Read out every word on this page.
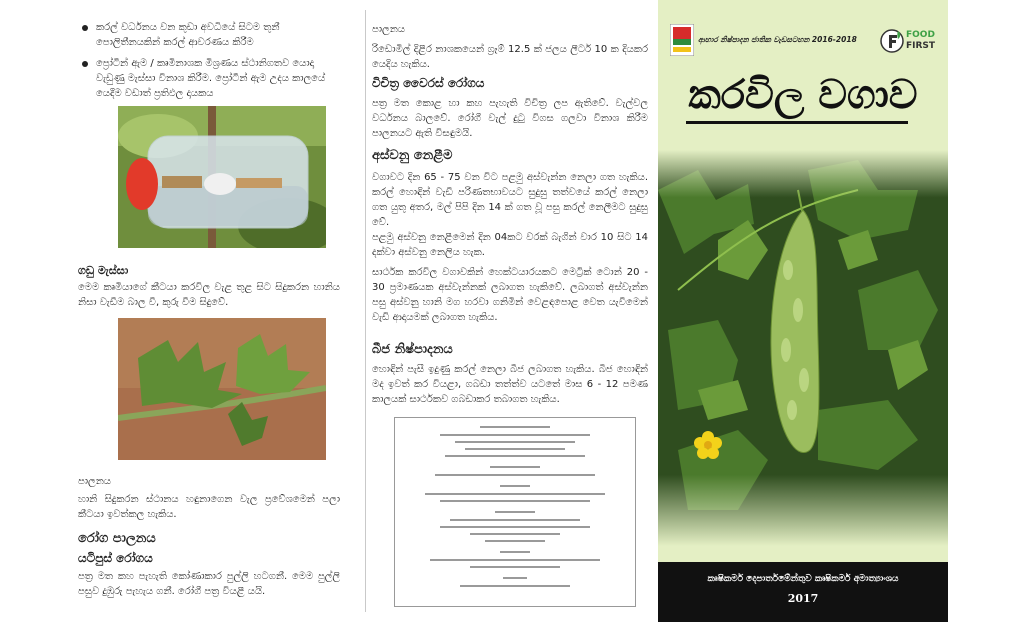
කරල් වර්ධනය වන කුඩා අවධියේ සිටම තුනී පොලිතීනයකින් කරල් ආවරණය කිරීම
ප්‍රෝටීන් ඇම / කෘමිනාශක මිශ්‍රණය ස්ථානිගතව යොදා වැඩුණු මැස්සා විනාශ කිරීම. ප්‍රෝටීන් ඇම උදය කාලයේ යෙදීම වඩාත් ප්‍රතිඵල දායකය

ගඩු මැස්සා

මෙම කෘමියාගේ කීටයා කරවිල වැළ තුළ සිට සිදුකරන හානිය නිසා වැඩීම බාල වී, කුරු වීම සිදුවේ.

පාලනය

හානි සිදුකරන ස්ථානය හඳුනාගෙන වැල ප්‍රවේශමෙන් පලා කීටයා ඉවත්කල හැකිය.

රෝග පාලනය

යටිපුස් රෝගය

පත්‍ර මත කහ පැහැති කෝණාකාර පුල්ලි හටගනී. මෙම පුල්ලි පසුව දුඹුරු පැහැය ගනී. රෝගී පත්‍ර වියළී යයි.

පාලනය

රිඩොමිල් දිළීර නාශකයෙන් ග්‍රෑම් 12.5 ක් ජලය ලීටර් 10 ක දියකර යෙදිය හැකිය.

විචිත්‍ර වෛරස් රෝගය

පත්‍ර මත කොළ හා කහ පැහැති විචිත්‍ර ලප ඇතිවේ. වැල්වල වර්ධනය බාලවේ. රෝගී වැල් දුටු විගස ගලවා විනාශ කිරීම පාලනයට ඇති විසඳුමයි.

අස්වනු නෙළීම

වගාවට දින 65 - 75 වන විට පළමු අස්වැන්න නෙලා ගත හැකිය. කරල් හොඳින් වැඩී පරිණතභාවයට සුදුසු තත්වයේ කරල් නෙලා ගත යුතු අතර, මල් පිපි දින 14 ක් ගත වූ පසු කරල් නෙලීමට සුදුසු වේ.

පළමු අස්වනු නෙළීමෙන් දින 04කට වරක් බැගින් වාර 10 සිට 14 දක්වා අස්වනු නෙලිය හැක.

සාර්ථක කරවිල වගාවකින් හෙක්ටයාරයකට මෙට්‍රික් ටොන් 20 - 30 ප්‍රමාණයක අස්වැන්නක් ලබාගත හැකිවේ. ලබාගත් අස්වැන්න පසු අස්වනු හානි මග හරවා ගනිමින් වෙළඳපොළ වෙත යැවීමෙන් වැඩි ආදායමක් ලබාගත හැකිය.

බීජ නිෂ්පාදනය

හොඳින් පැසී ඉදුණු කරල් නෙලා බීජ ලබාගත හැකිය. බීජ හොඳින් මද ඉවත් කර වියළා, ගබඩා තත්ත්ව යටතේ මාස 6 - 12 පමණ කාලයක් සාර්ථකව ගබඩාකර තබාගත හැකිය.

ආහාර නිෂ්පාදන ජාතික වැඩසටහන 2016-2018	FOOD
FIRST
කරවිල වගාව
කෘෂිකර්ම දෙපාර්තමේන්තුව කෘෂිකර්ම අමාත්‍යාංශය
2017
